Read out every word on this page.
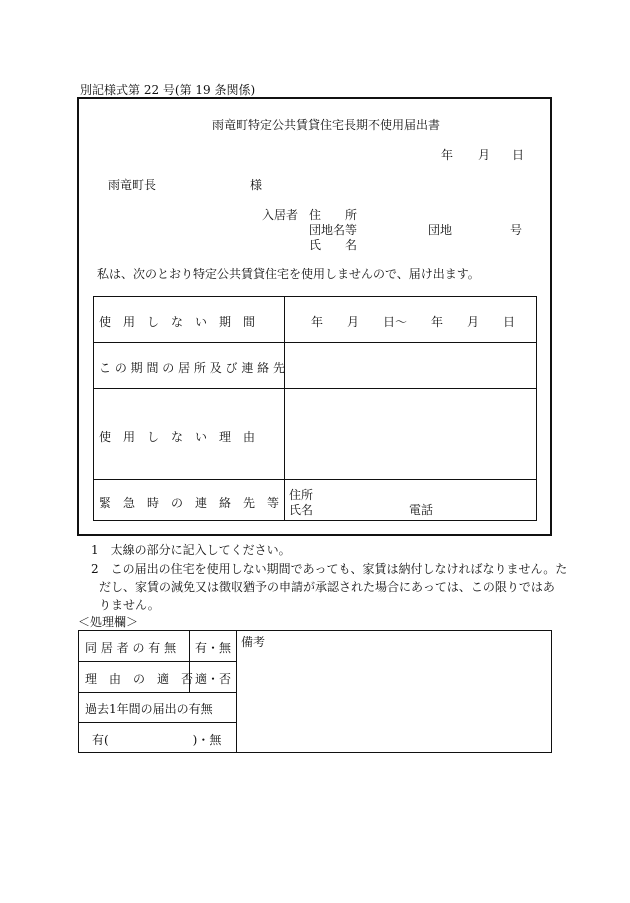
別記様式第 22 号(第 19 条関係)
雨竜町特定公共賃貸住宅長期不使用届出書
年 月 日
雨竜町長	様
入居者 住　　所
団地名等	団地	号
氏　　名
私は、次のとおり特定公共賃貸住宅を使用しませんので、届け出ます。
使　用　し　な　い　期　間	年　　月　　日〜　　年　　月　　日
こ の 期 間 の 居 所 及 び 連 絡 先
使　用　し　な　い　理　由
緊　急　時　の　連　絡　先　等
住所
氏名	電話
1　太線の部分に記入してください。
2　この届出の住宅を使用しない期間であっても、家賃は納付しなければなりません。た
だし、家賃の減免又は徴収猶予の申請が承認された場合にあっては、この限りではあ
りません。
＜処理欄＞
同 居 者 の 有 無 有・無
理　由　の　適　否 適・否
過去1年間の届出の有無
有(　　　　　　　)・無
備考
